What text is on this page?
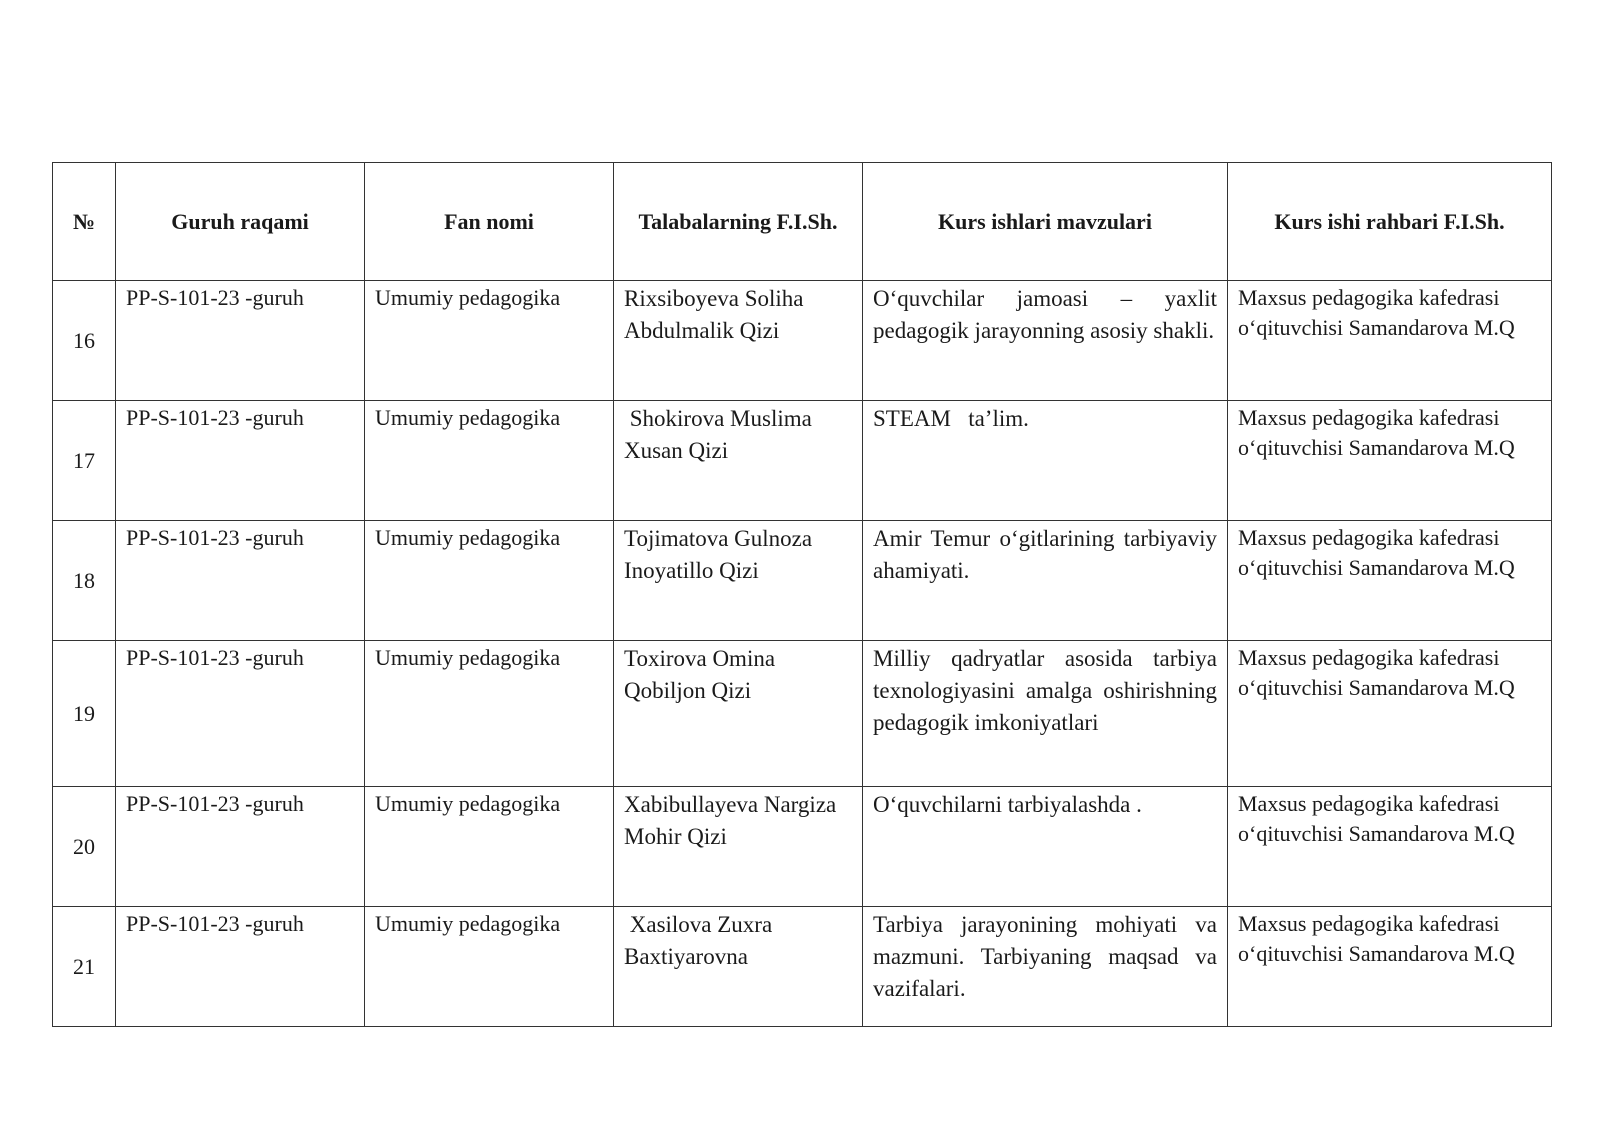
№	Guruh raqami	Fan nomi	Talabalarning F.I.Sh.	Kurs ishlari mavzulari	Kurs ishi rahbari F.I.Sh.
16	PP-S-101-23 -guruh	Umumiy pedagogika	Rixsiboyeva Soliha Abdulmalik Qizi	O‘quvchilar jamoasi – yaxlit pedagogik jarayonning asosiy shakli.	Maxsus pedagogika kafedrasi o‘qituvchisi Samandarova M.Q
17	PP-S-101-23 -guruh	Umumiy pedagogika	Shokirova Muslima Xusan Qizi	STEAM   ta’lim.	Maxsus pedagogika kafedrasi o‘qituvchisi Samandarova M.Q
18	PP-S-101-23 -guruh	Umumiy pedagogika	Tojimatova Gulnoza Inoyatillo Qizi	Amir Temur o‘gitlarining tarbiyaviy ahamiyati.	Maxsus pedagogika kafedrasi o‘qituvchisi Samandarova M.Q
19	PP-S-101-23 -guruh	Umumiy pedagogika	Toxirova Omina Qobiljon Qizi	Milliy qadryatlar asosida tarbiya texnologiyasini amalga oshirishning pedagogik imkoniyatlari	Maxsus pedagogika kafedrasi o‘qituvchisi Samandarova M.Q
20	PP-S-101-23 -guruh	Umumiy pedagogika	Xabibullayeva Nargiza Mohir Qizi	O‘quvchilarni tarbiyalashda .	Maxsus pedagogika kafedrasi o‘qituvchisi Samandarova M.Q
21	PP-S-101-23 -guruh	Umumiy pedagogika	Xasilova Zuxra Baxtiyarovna	Tarbiya jarayonining mohiyati va mazmuni. Tarbiyaning maqsad va vazifalari.	Maxsus pedagogika kafedrasi o‘qituvchisi Samandarova M.Q
